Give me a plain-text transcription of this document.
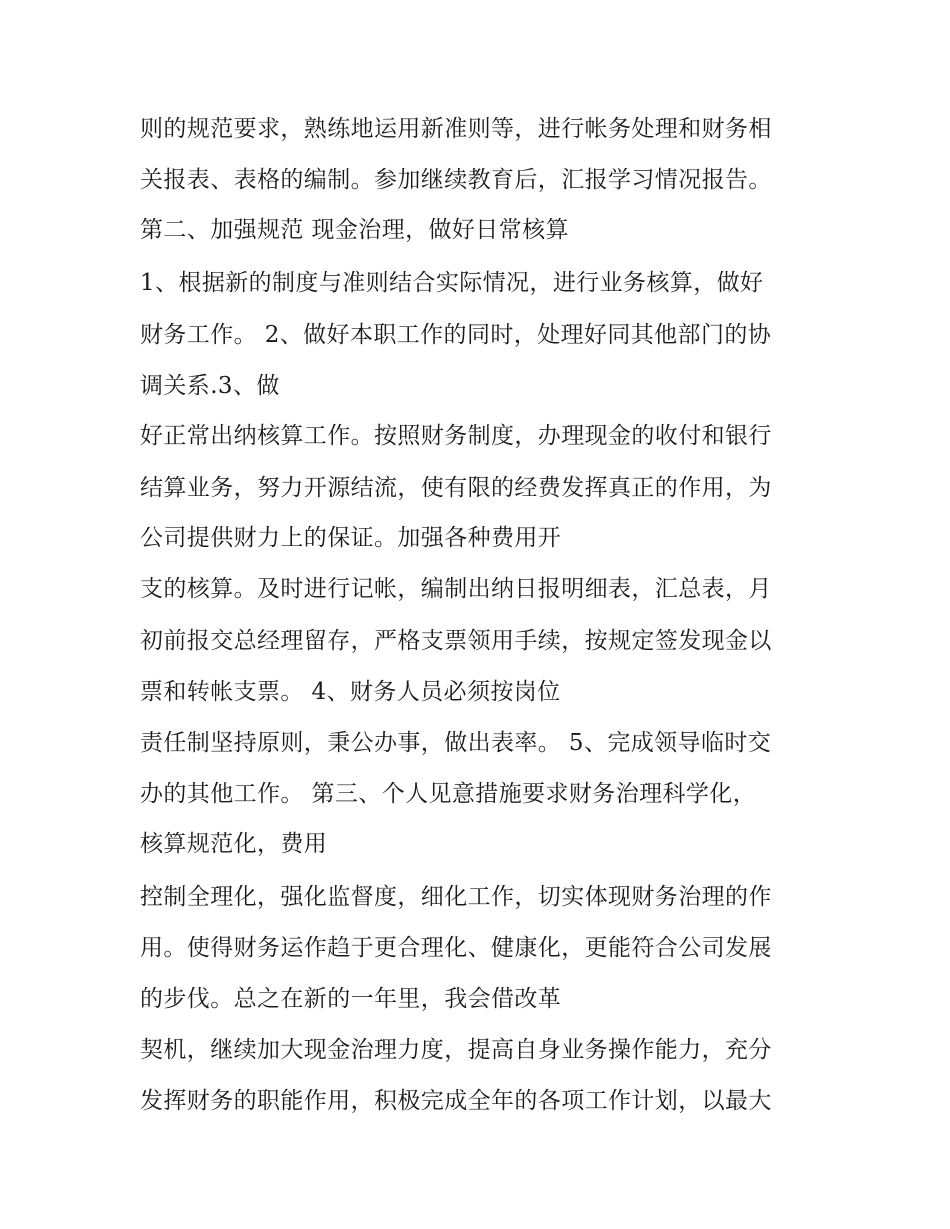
则的规范要求，熟练地运用新准则等，进行帐务处理和财务相
关报表、表格的编制。参加继续教育后，汇报学习情况报告。
第二、加强规范 现金治理，做好日常核算
1、根据新的制度与准则结合实际情况，进行业务核算，做好
财务工作。 2、做好本职工作的同时，处理好同其他部门的协
调关系.3、做
好正常出纳核算工作。按照财务制度，办理现金的收付和银行
结算业务，努力开源结流，使有限的经费发挥真正的作用，为
公司提供财力上的保证。加强各种费用开
支的核算。及时进行记帐，编制出纳日报明细表，汇总表，月
初前报交总经理留存，严格支票领用手续，按规定签发现金以
票和转帐支票。 4、财务人员必须按岗位
责任制坚持原则，秉公办事，做出表率。 5、完成领导临时交
办的其他工作。 第三、个人见意措施要求财务治理科学化，
核算规范化，费用
控制全理化，强化监督度，细化工作，切实体现财务治理的作
用。使得财务运作趋于更合理化、健康化，更能符合公司发展
的步伐。总之在新的一年里，我会借改革
契机，继续加大现金治理力度，提高自身业务操作能力，充分
发挥财务的职能作用，积极完成全年的各项工作计划，以最大
